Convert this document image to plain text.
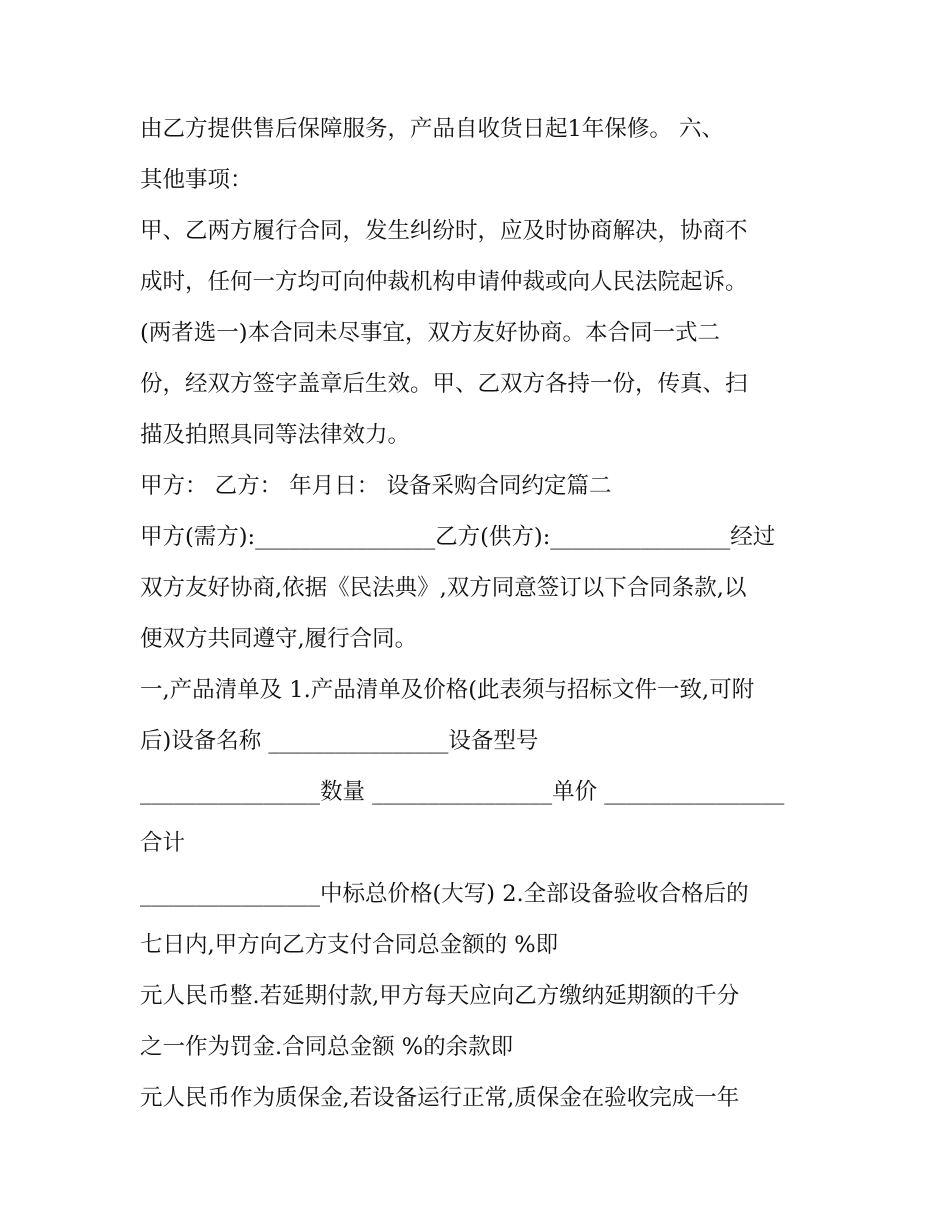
由乙方提供售后保障服务，产品自收货日起1年保修。 六、
其他事项：
甲、乙两方履行合同，发生纠纷时，应及时协商解决，协商不
成时，任何一方均可向仲裁机构申请仲裁或向人民法院起诉。
(两者选一)本合同未尽事宜，双方友好协商。本合同一式二
份，经双方签字盖章后生效。甲、乙双方各持一份，传真、扫
描及拍照具同等法律效力。
甲方： 乙方： 年月日： 设备采购合同约定篇二
甲方(需方):________________乙方(供方):________________经过
双方友好协商,依据《民法典》,双方同意签订以下合同条款,以
便双方共同遵守,履行合同。
一,产品清单及 1.产品清单及价格(此表须与招标文件一致,可附
后)设备名称 ________________设备型号
________________数量 ________________单价 ________________
合计
________________中标总价格(大写) 2.全部设备验收合格后的
七日内,甲方向乙方支付合同总金额的 %即
元人民币整.若延期付款,甲方每天应向乙方缴纳延期额的千分
之一作为罚金.合同总金额 %的余款即
元人民币作为质保金,若设备运行正常,质保金在验收完成一年
